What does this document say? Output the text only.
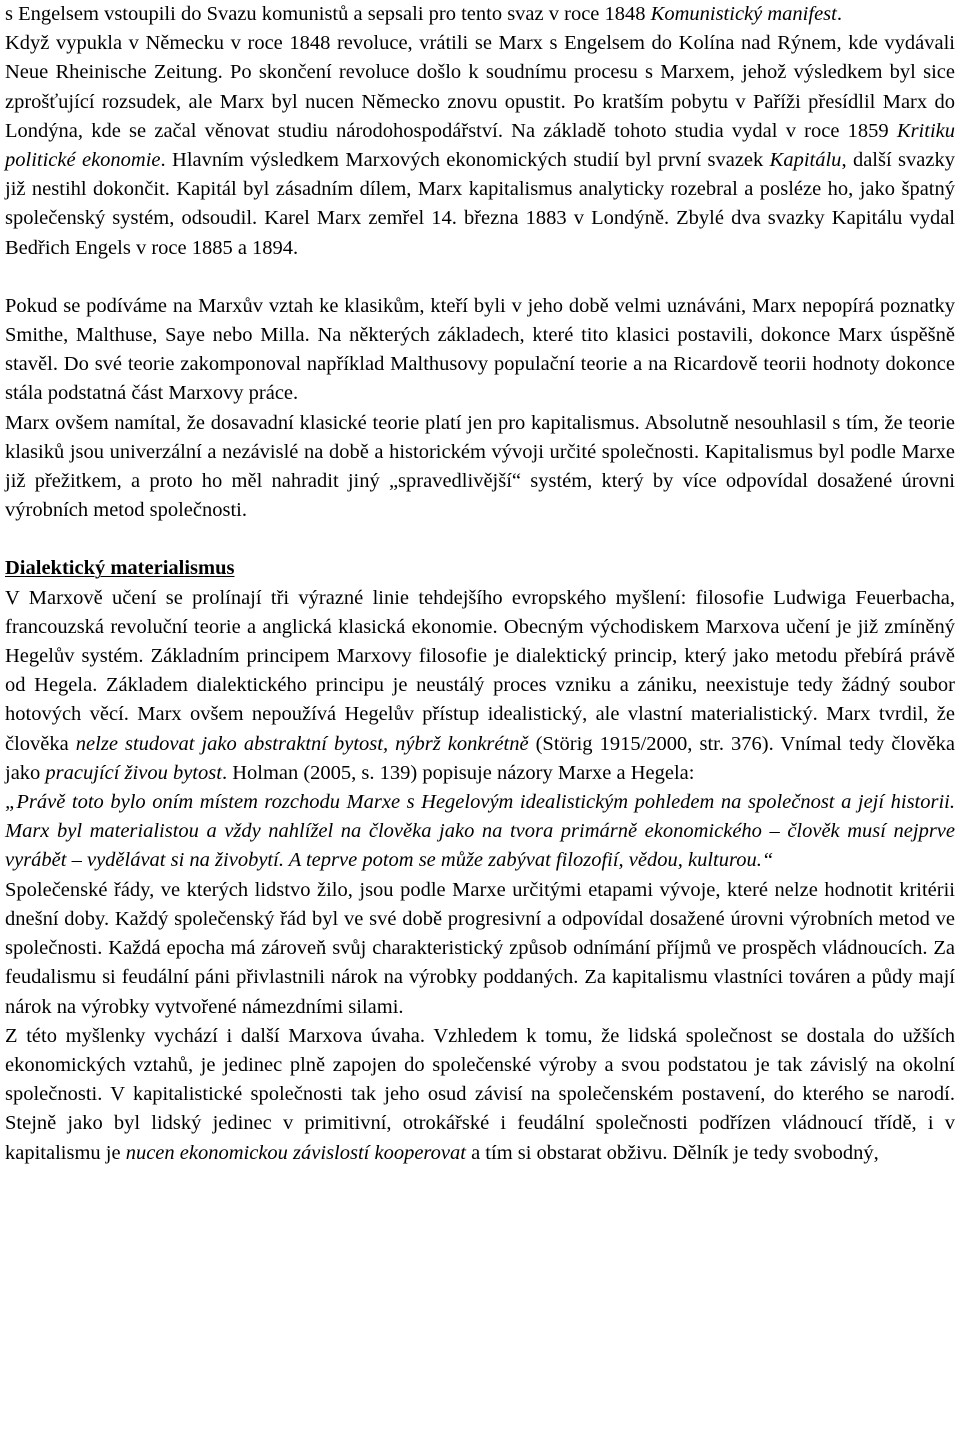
s Engelsem vstoupili do Svazu komunistů a sepsali pro tento svaz v roce 1848 Komunistický manifest.

Když vypukla v Německu v roce 1848 revoluce, vrátili se Marx s Engelsem do Kolína nad Rýnem, kde vydávali Neue Rheinische Zeitung. Po skončení revoluce došlo k soudnímu procesu s Marxem, jehož výsledkem byl sice zprošťující rozsudek, ale Marx byl nucen Německo znovu opustit. Po kratším pobytu v Paříži přesídlil Marx do Londýna, kde se začal věnovat studiu národohospodářství. Na základě tohoto studia vydal v roce 1859 Kritiku politické ekonomie. Hlavním výsledkem Marxových ekonomických studií byl první svazek Kapitálu, další svazky již nestihl dokončit. Kapitál byl zásadním dílem, Marx kapitalismus analyticky rozebral a posléze ho, jako špatný společenský systém, odsoudil. Karel Marx zemřel 14. března 1883 v Londýně. Zbylé dva svazky Kapitálu vydal Bedřich Engels v roce 1885 a 1894.

Pokud se podíváme na Marxův vztah ke klasikům, kteří byli v jeho době velmi uznáváni, Marx nepopírá poznatky Smithe, Malthuse, Saye nebo Milla. Na některých základech, které tito klasici postavili, dokonce Marx úspěšně stavěl. Do své teorie zakomponoval například Malthusovy populační teorie a na Ricardově teorii hodnoty dokonce stála podstatná část Marxovy práce.

Marx ovšem namítal, že dosavadní klasické teorie platí jen pro kapitalismus. Absolutně nesouhlasil s tím, že teorie klasiků jsou univerzální a nezávislé na době a historickém vývoji určité společnosti. Kapitalismus byl podle Marxe již přežitkem, a proto ho měl nahradit jiný „spravedlivější“ systém, který by více odpovídal dosažené úrovni výrobních metod společnosti.

Dialektický materialismus

V Marxově učení se prolínají tři výrazné linie tehdejšího evropského myšlení: filosofie Ludwiga Feuerbacha, francouzská revoluční teorie a anglická klasická ekonomie. Obecným východiskem Marxova učení je již zmíněný Hegelův systém. Základním principem Marxovy filosofie je dialektický princip, který jako metodu přebírá právě od Hegela. Základem dialektického principu je neustálý proces vzniku a zániku, neexistuje tedy žádný soubor hotových věcí. Marx ovšem nepoužívá Hegelův přístup idealistický, ale vlastní materialistický. Marx tvrdil, že člověka nelze studovat jako abstraktní bytost, nýbrž konkrétně (Störig 1915/2000, str. 376). Vnímal tedy člověka jako pracující živou bytost. Holman (2005, s. 139) popisuje názory Marxe a Hegela:

„Právě toto bylo oním místem rozchodu Marxe s Hegelovým idealistickým pohledem na společnost a její historii. Marx byl materialistou a vždy nahlížel na člověka jako na tvora primárně ekonomického – člověk musí nejprve vyrábět – vydělávat si na živobytí. A teprve potom se může zabývat filozofií, vědou, kulturou.“

Společenské řády, ve kterých lidstvo žilo, jsou podle Marxe určitými etapami vývoje, které nelze hodnotit kritérii dnešní doby. Každý společenský řád byl ve své době progresivní a odpovídal dosažené úrovni výrobních metod ve společnosti. Každá epocha má zároveň svůj charakteristický způsob odnímání příjmů ve prospěch vládnoucích. Za feudalismu si feudální páni přivlastnili nárok na výrobky poddaných. Za kapitalismu vlastníci továren a půdy mají nárok na výrobky vytvořené námezdními silami.

Z této myšlenky vychází i další Marxova úvaha. Vzhledem k tomu, že lidská společnost se dostala do užších ekonomických vztahů, je jedinec plně zapojen do společenské výroby a svou podstatou je tak závislý na okolní společnosti. V kapitalistické společnosti tak jeho osud závisí na společenském postavení, do kterého se narodí. Stejně jako byl lidský jedinec v primitivní, otrokářské i feudální společnosti podřízen vládnoucí třídě, i v kapitalismu je nucen ekonomickou závislostí kooperovat a tím si obstarat obživu. Dělník je tedy svobodný,
